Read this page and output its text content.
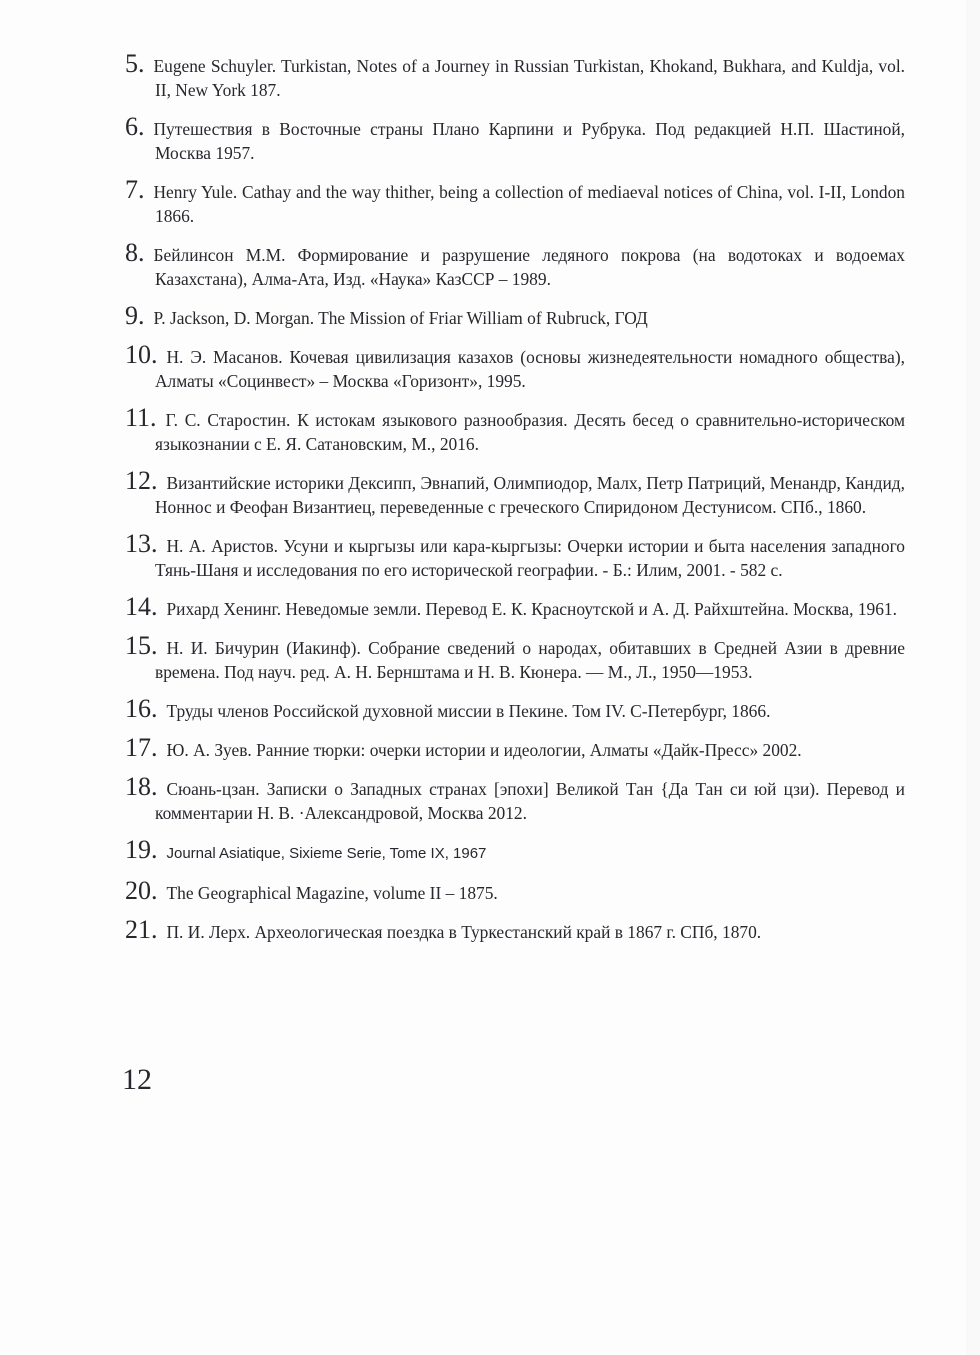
5. Eugene Schuyler. Turkistan, Notes of a Journey in Russian Turkistan, Khokand, Bukhara, and Kuldja, vol. II, New York 187.
6. Путешествия в Восточные страны Плано Карпини и Рубрука. Под редакцией Н.П. Шастиной, Москва 1957.
7. Henry Yule. Cathay and the way thither, being a collection of mediaeval notices of China, vol. I-II, London 1866.
8. Бейлинсон М.М. Формирование и разрушение ледяного покрова (на водотоках и водоемах Казахстана), Алма-Ата, Изд. «Наука» КазССР – 1989.
9. P. Jackson, D. Morgan. The Mission of Friar William of Rubruck, ГОД
10. Н. Э. Масанов. Кочевая цивилизация казахов (основы жизнедеятельности номадного общества), Алматы «Социнвест» – Москва «Горизонт», 1995.
11. Г. С. Старостин. К истокам языкового разнообразия. Десять бесед о сравнительно-историческом языкознании с Е. Я. Сатановским, М., 2016.
12. Византийские историки Дексипп, Эвнапий, Олимпиодор, Малх, Петр Патриций, Менандр, Кандид, Ноннос и Феофан Византиец, переведенные с греческого Спиридоном Дестунисом. СПб., 1860.
13. Н. А. Аристов. Усуни и кыргызы или кара-кыргызы: Очерки истории и быта населения западного Тянь-Шаня и исследования по его исторической географии. - Б.: Илим, 2001. - 582 с.
14. Рихард Хенинг. Неведомые земли. Перевод Е. К. Красноутской и А. Д. Райхштейна. Москва, 1961.
15. Н. И. Бичурин (Иакинф). Собрание сведений о народах, обитавших в Средней Азии в древние времена. Под науч. ред. А. Н. Бернштама и Н. В. Кюнера. — М., Л., 1950—1953.
16. Труды членов Российской духовной миссии в Пекине. Том IV. С-Петербург, 1866.
17. Ю. А. Зуев. Ранние тюрки: очерки истории и идеологии, Алматы «Дайк-Пресс» 2002.
18. Сюань-цзан. Записки о Западных странах [эпохи] Великой Тан {Да Тан си юй цзи). Перевод и комментарии Н. В. ·Александровой, Москва 2012.
19. Journal Asiatique, Sixieme Serie, Tome IX, 1967
20. The Geographical Magazine, volume II – 1875.
21. П. И. Лерх. Археологическая поездка в Туркестанский край в 1867 г. СПб, 1870.
12
